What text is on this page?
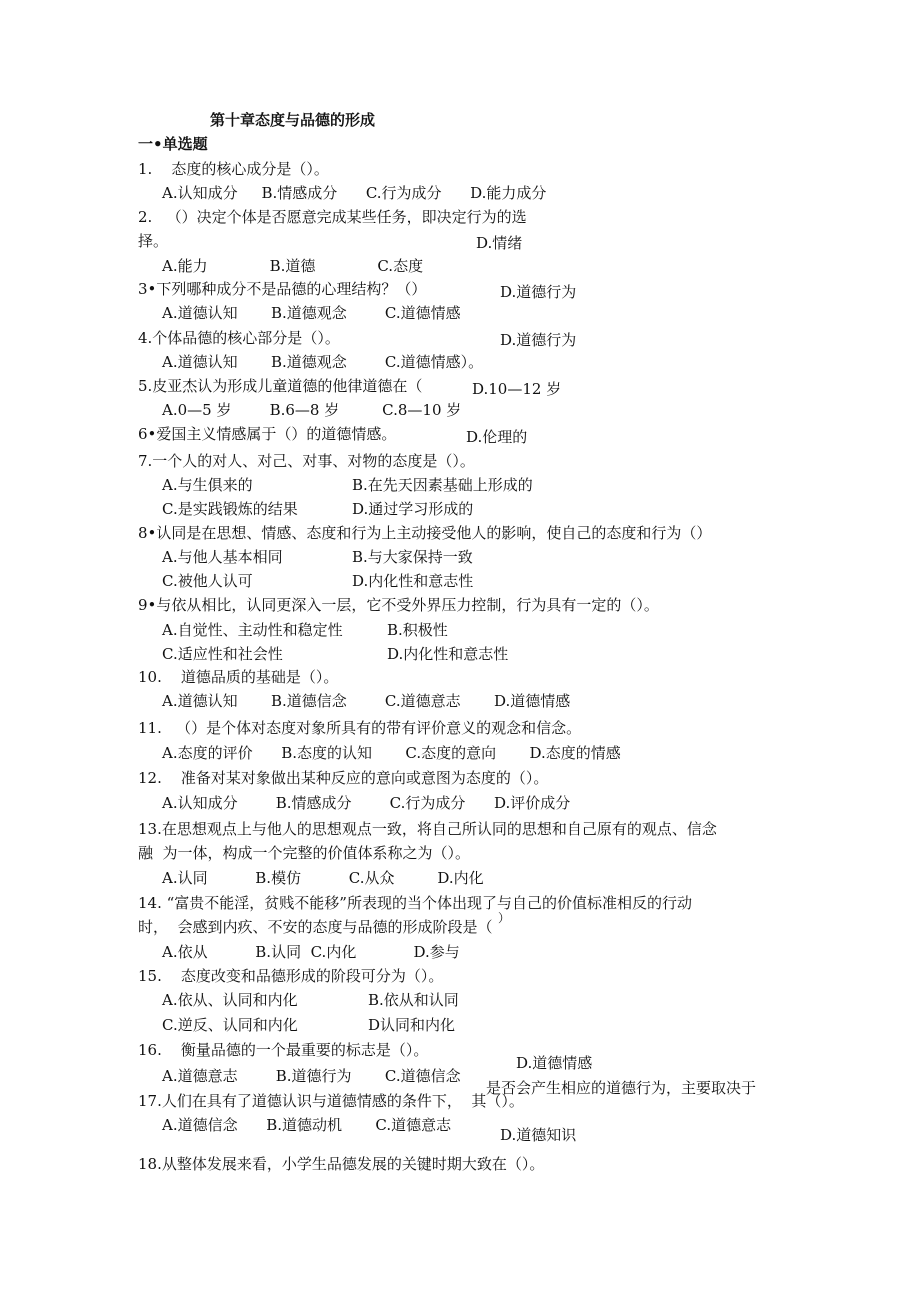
第十章态度与品德的形成
一•单选题
1.    态度的核心成分是（）。
A.认知成分     B.情感成分      C.行为成分      D.能力成分
2.   （）决定个体是否愿意完成某些任务，即决定行为的选
择。	D.情绪
A.能力             B.道德             C.态度
3•下列哪种成分不是品德的心理结构？（）	D.道德行为
A.道德认知       B.道德观念        C.道德情感
4.个体品德的核心部分是（）。	D.道德行为
A.道德认知       B.道德观念        C.道德情感）。
5.皮亚杰认为形成儿童道德的他律道德在（	D.10—12 岁
A.0—5 岁        B.6—8 岁         C.8—10 岁
6•爱国主义情感属于（）的道德情感。	D.伦理的
7.一个人的对人、对己、对事、对物的态度是（）。
A.与生俱来的	B.在先天因素基础上形成的
C.是实践锻炼的结果	D.通过学习形成的
8•认同是在思想、情感、态度和行为上主动接受他人的影响，使自己的态度和行为（）
A.与他人基本相同	B.与大家保持一致
C.被他人认可	D.内化性和意志性
9•与依从相比，认同更深入一层，它不受外界压力控制，行为具有一定的（）。
A.自觉性、主动性和稳定性	B.积极性
C.适应性和社会性	D.内化性和意志性
10.    道德品质的基础是（）。
A.道德认知       B.道德信念        C.道德意志       D.道德情感
11.   （）是个体对态度对象所具有的带有评价意义的观念和信念。
A.态度的评价      B.态度的认知       C.态度的意向       D.态度的情感
12.    准备对某对象做出某种反应的意向或意图为态度的（）。
A.认知成分        B.情感成分        C.行为成分      D.评价成分
13.在思想观点上与他人的思想观点一致，将自己所认同的思想和自己原有的观点、信念
融  为一体，构成一个完整的价值体系称之为（）。
A.认同          B.模仿          C.从众         D.内化
14. “富贵不能淫，贫贱不能移”所表现的当个体出现了与自己的价值标准相反的行动
时，  会感到内疚、不安的态度与品德的形成阶段是（ ）
A.依从          B.认同  C.内化            D.参与
15.    态度改变和品德形成的阶段可分为（）。
A.依从、认同和内化	B.依从和认同
C.逆反、认同和内化	D认同和内化
16.    衡量品德的一个最重要的标志是（）。
D.道德情感
A.道德意志        B.道德行为       C.道德信念
是否会产生相应的道德行为，主要取决于
17.人们在具有了道德认识与道德情感的条件下，  其（）。
A.道德信念      B.道德动机       C.道德意志
D.道德知识
18.从整体发展来看，小学生品德发展的关键时期大致在（）。
